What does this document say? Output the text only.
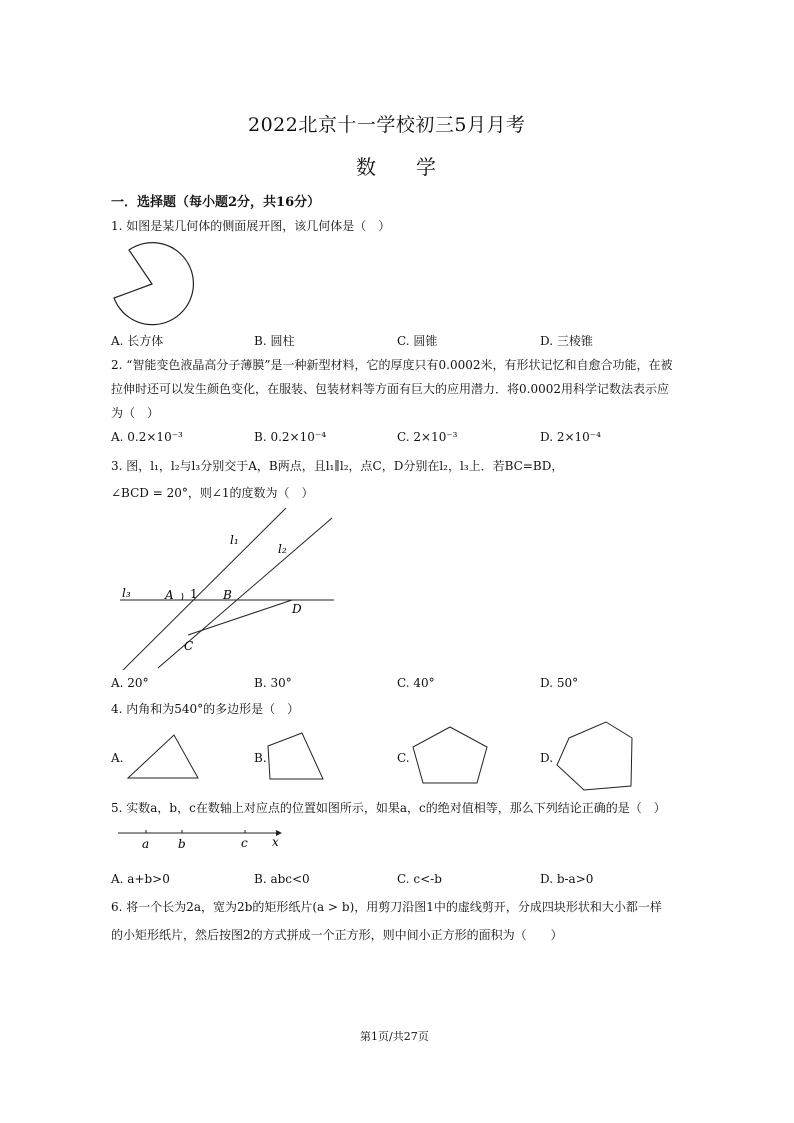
2022北京十一学校初三5月月考
数　　学
一．选择题（每小题2分，共16分）
1. 如图是某几何体的侧面展开图，该几何体是（　）
A. 长方体	B. 圆柱	C. 圆锥	D. 三棱锥
2. “智能变色液晶高分子薄膜”是一种新型材料，它的厚度只有0.0002米，有形状记忆和自愈合功能，在被
拉伸时还可以发生颜色变化，在服装、包装材料等方面有巨大的应用潜力．将0.0002用科学记数法表示应
为（　）
A. 0.2×10⁻³	B. 0.2×10⁻⁴	C. 2×10⁻³	D. 2×10⁻⁴
3. 图，l₁，l₂与l₃分别交于A，B两点，且l₁∥l₂，点C，D分别在l₂，l₃上．若BC=BD，
∠BCD = 20°，则∠1的度数为（　）
l₁
l₂
l₃	A 1 B
D
C
A. 20°	B. 30°	C. 40°	D. 50°
4. 内角和为540°的多边形是（　）
A.	B.	C.	D.
5. 实数a，b，c在数轴上对应点的位置如图所示，如果a，c的绝对值相等，那么下列结论正确的是（　）
a b	c x
A. a+b>0	B. abc<0	C. c<-b	D. b-a>0
6. 将一个长为2a，宽为2b的矩形纸片(a > b)，用剪刀沿图1中的虚线剪开，分成四块形状和大小都一样
的小矩形纸片，然后按图2的方式拼成一个正方形，则中间小正方形的面积为（　　）
第1页/共27页
